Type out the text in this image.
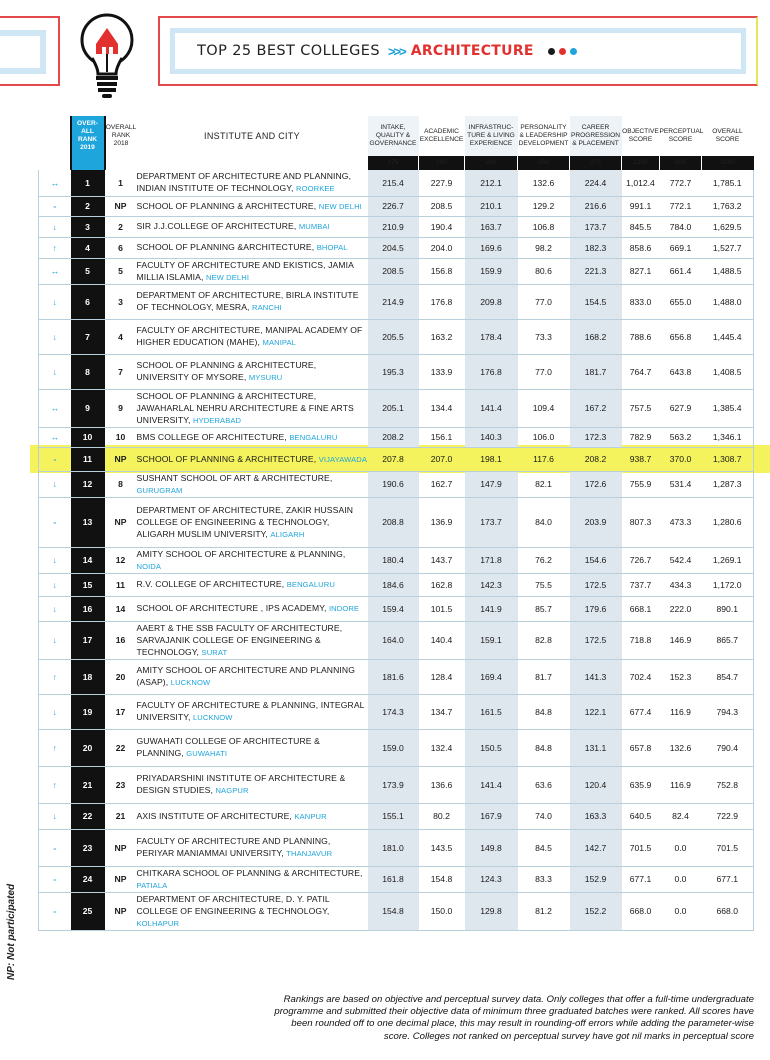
TOP 25 BEST COLLEGES >>> ARCHITECTURE
NP: Not participated
	OVER-ALL RANK 2019	OVERALL RANK 2018	INSTITUTE AND CITY	INTAKE, QUALITY & GOVERNANCE	ACADEMIC EXCELLENCE	INFRASTRUC-TURE & LIVING EXPERIENCE	PERSONALITY & LEADERSHIP DEVELOPMENT	CAREER PROGRESSION & PLACEMENT	OBJECTIVE SCORE	PERCEPTUAL SCORE	OVERALL SCORE
				275	260	240	150	275	1200	800	2000
↔	1	1	DEPARTMENT OF ARCHITECTURE AND PLANNING, INDIAN INSTITUTE OF TECHNOLOGY, ROORKEE	215.4	227.9	212.1	132.6	224.4	1,012.4	772.7	1,785.1
-	2	NP	SCHOOL OF PLANNING & ARCHITECTURE, NEW DELHI	226.7	208.5	210.1	129.2	216.6	991.1	772.1	1,763.2
↓	3	2	SIR J.J.COLLEGE OF ARCHITECTURE, MUMBAI	210.9	190.4	163.7	106.8	173.7	845.5	784.0	1,629.5
↑	4	6	SCHOOL OF PLANNING &ARCHITECTURE, BHOPAL	204.5	204.0	169.6	98.2	182.3	858.6	669.1	1,527.7
↔	5	5	FACULTY OF ARCHITECTURE AND EKISTICS, JAMIA MILLIA ISLAMIA, NEW DELHI	208.5	156.8	159.9	80.6	221.3	827.1	661.4	1,488.5
↓	6	3	DEPARTMENT OF ARCHITECTURE, BIRLA INSTITUTE OF TECHNOLOGY, MESRA, RANCHI	214.9	176.8	209.8	77.0	154.5	833.0	655.0	1,488.0
↓	7	4	FACULTY OF ARCHITECTURE, MANIPAL ACADEMY OF HIGHER EDUCATION (MAHE), MANIPAL	205.5	163.2	178.4	73.3	168.2	788.6	656.8	1,445.4
↓	8	7	SCHOOL OF PLANNING & ARCHITECTURE, UNIVERSITY OF MYSORE, MYSURU	195.3	133.9	176.8	77.0	181.7	764.7	643.8	1,408.5
↔	9	9	SCHOOL OF PLANNING & ARCHITECTURE, JAWAHARLAL NEHRU ARCHITECTURE & FINE ARTS UNIVERSITY, HYDERABAD	205.1	134.4	141.4	109.4	167.2	757.5	627.9	1,385.4
↔	10	10	BMS COLLEGE OF ARCHITECTURE, BENGALURU	208.2	156.1	140.3	106.0	172.3	782.9	563.2	1,346.1
-	11	NP	SCHOOL OF PLANNING & ARCHITECTURE, VIJAYAWADA	207.8	207.0	198.1	117.6	208.2	938.7	370.0	1,308.7
↓	12	8	SUSHANT SCHOOL OF ART & ARCHITECTURE, GURUGRAM	190.6	162.7	147.9	82.1	172.6	755.9	531.4	1,287.3
-	13	NP	DEPARTMENT OF ARCHITECTURE, ZAKIR HUSSAIN COLLEGE OF ENGINEERING & TECHNOLOGY, ALIGARH MUSLIM UNIVERSITY, ALIGARH	208.8	136.9	173.7	84.0	203.9	807.3	473.3	1,280.6
↓	14	12	AMITY SCHOOL OF ARCHITECTURE & PLANNING, NOIDA	180.4	143.7	171.8	76.2	154.6	726.7	542.4	1,269.1
↓	15	11	R.V. COLLEGE OF ARCHITECTURE, BENGALURU	184.6	162.8	142.3	75.5	172.5	737.7	434.3	1,172.0
↓	16	14	SCHOOL OF ARCHITECTURE , IPS ACADEMY, INDORE	159.4	101.5	141.9	85.7	179.6	668.1	222.0	890.1
↓	17	16	AAERT & THE SSB FACULTY OF ARCHITECTURE, SARVAJANIK COLLEGE OF ENGINEERING & TECHNOLOGY, SURAT	164.0	140.4	159.1	82.8	172.5	718.8	146.9	865.7
↑	18	20	AMITY SCHOOL OF ARCHITECTURE AND PLANNING (ASAP), LUCKNOW	181.6	128.4	169.4	81.7	141.3	702.4	152.3	854.7
↓	19	17	FACULTY OF ARCHITECTURE & PLANNING, INTEGRAL UNIVERSITY, LUCKNOW	174.3	134.7	161.5	84.8	122.1	677.4	116.9	794.3
↑	20	22	GUWAHATI COLLEGE OF ARCHITECTURE & PLANNING, GUWAHATI	159.0	132.4	150.5	84.8	131.1	657.8	132.6	790.4
↑	21	23	PRIYADARSHINI INSTITUTE OF ARCHITECTURE & DESIGN STUDIES, NAGPUR	173.9	136.6	141.4	63.6	120.4	635.9	116.9	752.8
↓	22	21	AXIS INSTITUTE OF ARCHITECTURE, KANPUR	155.1	80.2	167.9	74.0	163.3	640.5	82.4	722.9
-	23	NP	FACULTY OF ARCHITECTURE AND PLANNING, PERIYAR MANIAMMAI UNIVERSITY, THANJAVUR	181.0	143.5	149.8	84.5	142.7	701.5	0.0	701.5
-	24	NP	CHITKARA SCHOOL OF PLANNING & ARCHITECTURE, PATIALA	161.8	154.8	124.3	83.3	152.9	677.1	0.0	677.1
-	25	NP	DEPARTMENT OF ARCHITECTURE, D. Y. PATIL COLLEGE OF ENGINEERING & TECHNOLOGY, KOLHAPUR	154.8	150.0	129.8	81.2	152.2	668.0	0.0	668.0
Rankings are based on objective and perceptual survey data. Only colleges that offer a full-time undergraduate programme and submitted their objective data of minimum three graduated batches were ranked. All scores have been rounded off to one decimal place, this may result in rounding-off errors while adding the parameter-wise score. Colleges not ranked on perceptual survey have got nil marks in perceptual score
